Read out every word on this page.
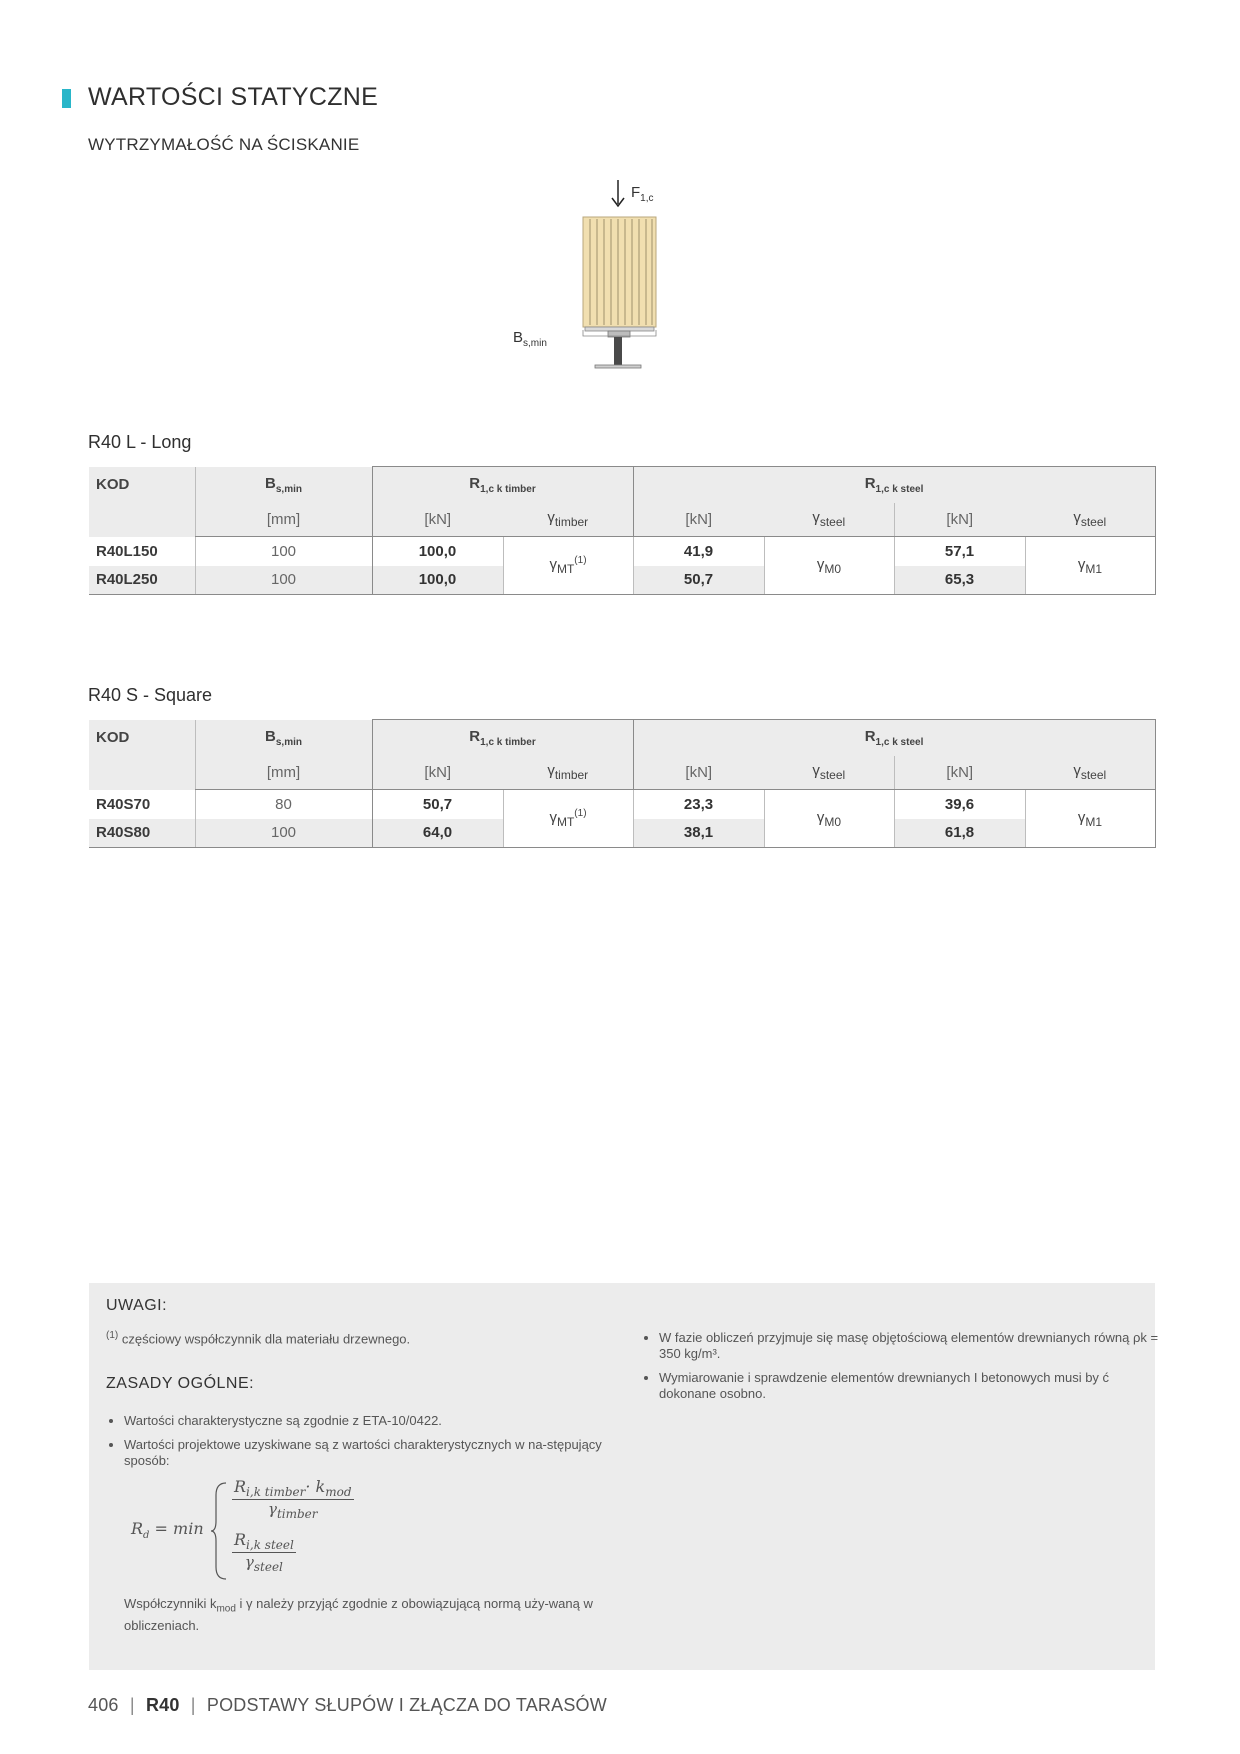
WARTOŚCI STATYCZNE
WYTRZYMAŁOŚĆ NA ŚCISKANIE
$F_{1,c}$
$B_{s,min}$
R40 L - Long
KOD	$B_{s,min}$	$R_{1,c k timber}$		$R_{1,c k steel}$
	[mm]	[kN]	$\gamma_{timber}$	[kN]	$\gamma_{steel}$	[kN]	$\gamma_{steel}$
R40L150	100	100,0	$\gamma_{MT}^{(1)}$	41,9	$\gamma_{M0}$	57,1	$\gamma_{M1}$
R40L250	100	100,0		50,7		65,3	
R40 S - Square
KOD	$B_{s,min}$	$R_{1,c k timber}$		$R_{1,c k steel}$
	[mm]	[kN]	$\gamma_{timber}$	[kN]	$\gamma_{steel}$	[kN]	$\gamma_{steel}$
R40S70	80	50,7	$\gamma_{MT}^{(1)}$	23,3	$\gamma_{M0}$	39,6	$\gamma_{M1}$
R40S80	100	64,0		38,1		61,8	
UWAGI:
$^{(1)}$ częściowy współczynnik dla materiału drzewnego.
ZASADY OGÓLNE:
• Wartości charakterystyczne są zgodnie z ETA-10/0422.
• Wartości projektowe uzyskiwane są z wartości charakterystycznych w na-stępujący sposób:
• W fazie obliczeń przyjmuje się masę objętościową elementów drewnianych równą ρk = 350 kg/m³.
• Wymiarowanie i sprawdzenie elementów drewnianych I betonowych musi by ć dokonane osobno.
$R_d = \min$
$R_{i,k timber}\cdot k_{mod}$
$\gamma_{timber}$
$R_{i,k steel}$
$\gamma_{steel}$
Współczynniki $k_{mod}$ i γ należy przyjąć zgodnie z obowiązującą normą uży-waną w obliczeniach.
406 | R40 | PODSTAWY SŁUPÓW I ZŁĄCZA DO TARASÓW
